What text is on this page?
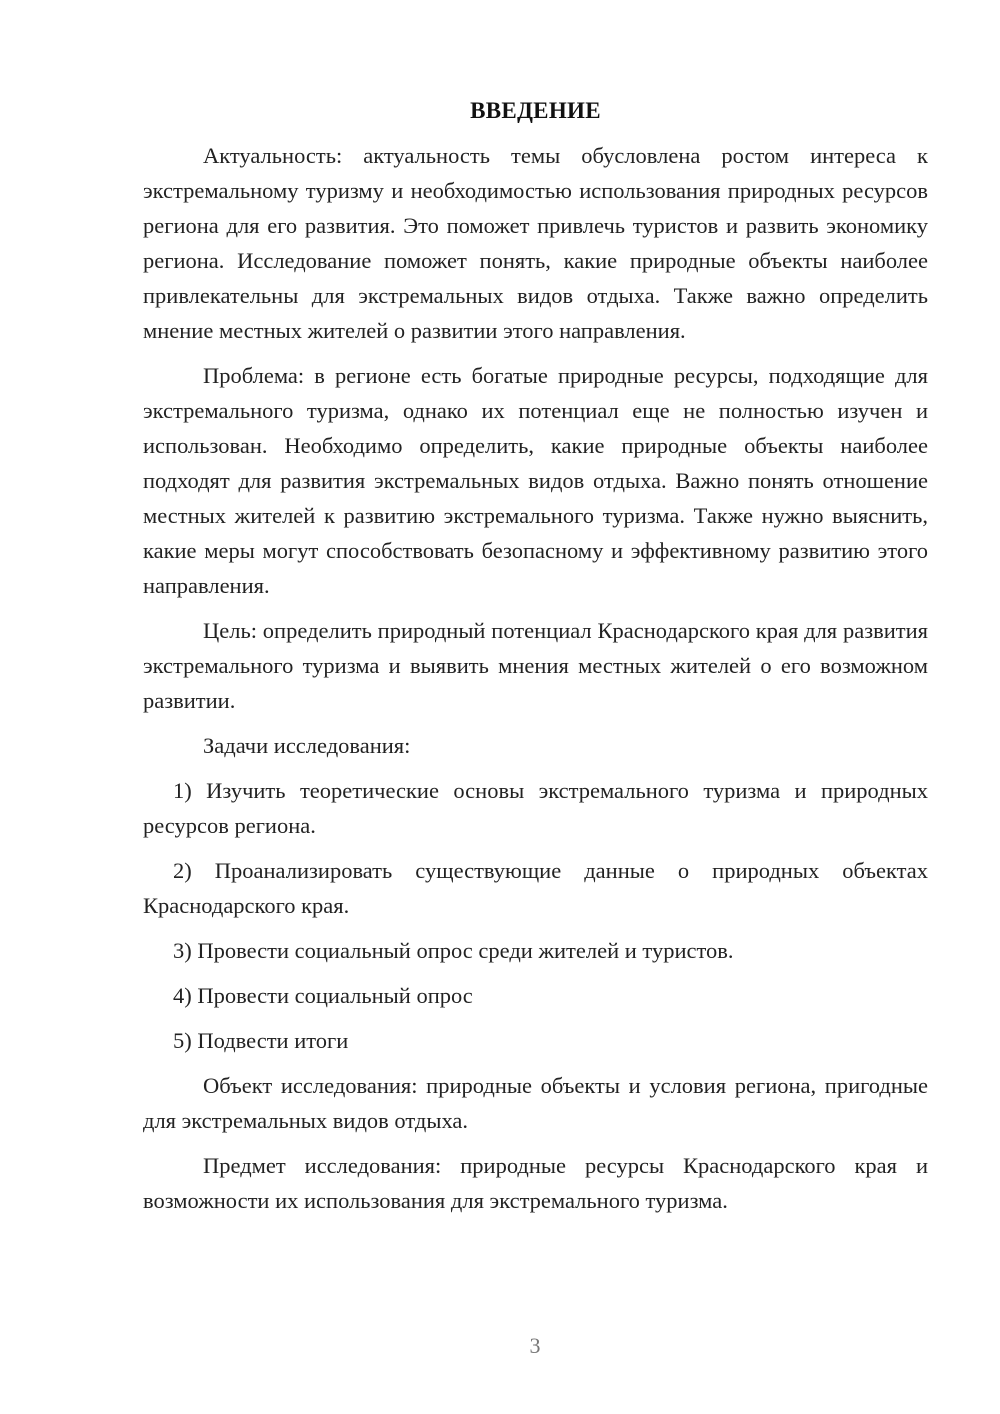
ВВЕДЕНИЕ

Актуальность: актуальность темы обусловлена ростом интереса к экстремальному туризму и необходимостью использования природных ресурсов региона для его развития. Это поможет привлечь туристов и развить экономику региона. Исследование поможет понять, какие природные объекты наиболее привлекательны для экстремальных видов отдыха. Также важно определить мнение местных жителей о развитии этого направления.

Проблема: в регионе есть богатые природные ресурсы, подходящие для экстремального туризма, однако их потенциал еще не полностью изучен и использован. Необходимо определить, какие природные объекты наиболее подходят для развития экстремальных видов отдыха. Важно понять отношение местных жителей к развитию экстремального туризма. Также нужно выяснить, какие меры могут способствовать безопасному и эффективному развитию этого направления.

Цель: определить природный потенциал Краснодарского края для развития экстремального туризма и выявить мнения местных жителей о его возможном развитии.

Задачи исследования:

1) Изучить теоретические основы экстремального туризма и природных ресурсов региона.

2) Проанализировать существующие данные о природных объектах Краснодарского края.

3) Провести социальный опрос среди жителей и туристов.

4) Провести социальный опрос

5) Подвести итоги

Объект исследования: природные объекты и условия региона, пригодные для экстремальных видов отдыха.

Предмет исследования: природные ресурсы Краснодарского края и возможности их использования для экстремального туризма.

3
